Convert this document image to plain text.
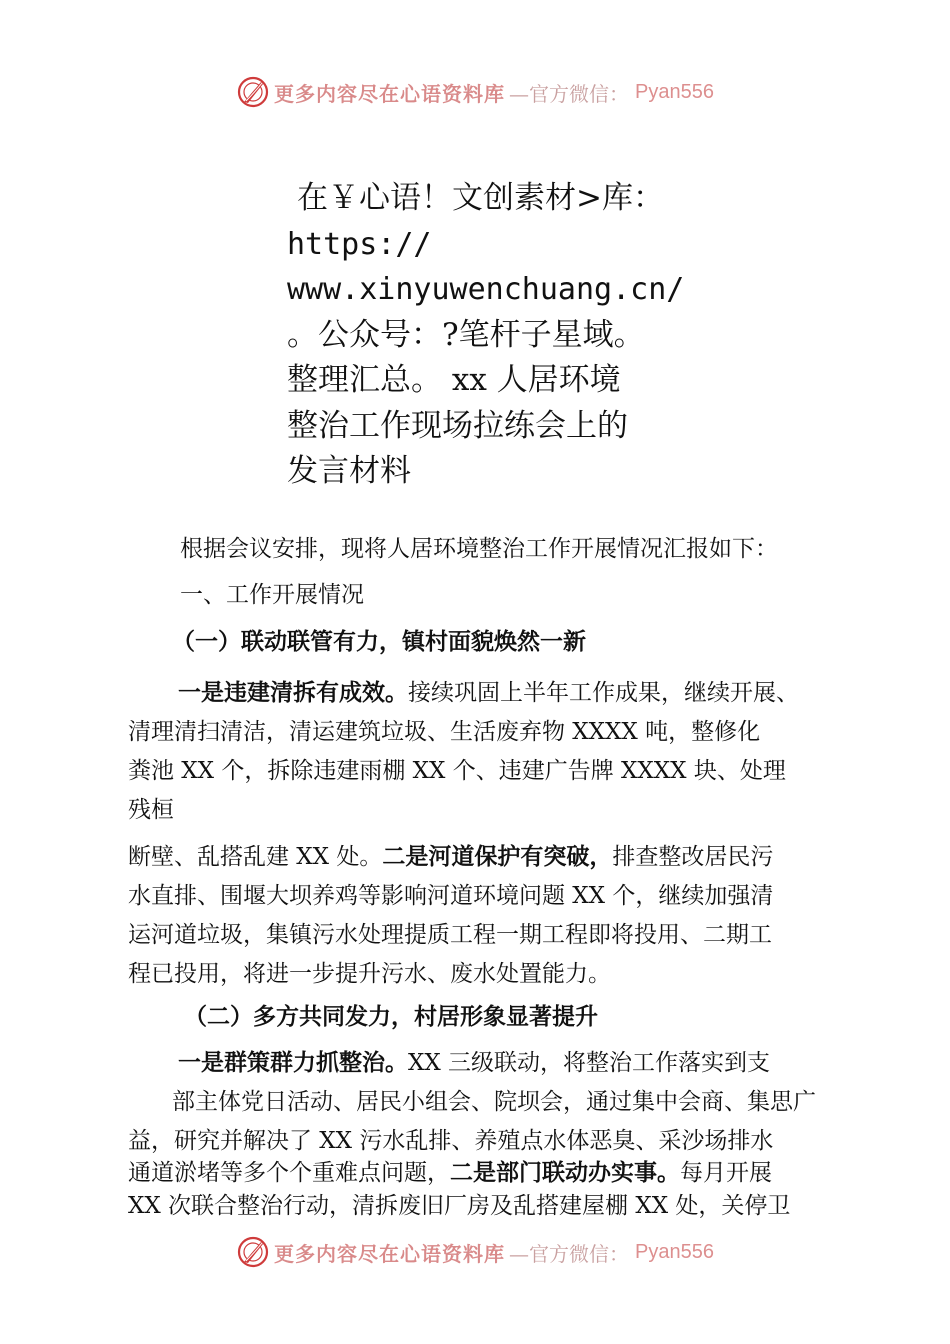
更多内容尽在心语资料库 —官方微信： Pyan556
在￥心语！文创素材>库：
https://
www.xinyuwenchuang.cn/
。公众号：?笔杆子星域。
整理汇总。 xx 人居环境
整治工作现场拉练会上的
发言材料
根据会议安排，现将人居环境整治工作开展情况汇报如下：
一、工作开展情况
（一）联动联管有力，镇村面貌焕然一新
一是违建清拆有成效。接续巩固上半年工作成果，继续开展、
清理清扫清洁，清运建筑垃圾、生活废弃物 XXXX 吨，整修化
粪池 XX 个，拆除违建雨棚 XX 个、违建广告牌 XXXX 块、处理
残桓
断壁、乱搭乱建 XX 处。二是河道保护有突破，排查整改居民污
水直排、围堰大坝养鸡等影响河道环境问题 XX 个，继续加强清
运河道垃圾，集镇污水处理提质工程一期工程即将投用、二期工
程已投用，将进一步提升污水、废水处置能力。
（二）多方共同发力，村居形象显著提升
一是群策群力抓整治。XX 三级联动，将整治工作落实到支
部主体党日活动、居民小组会、院坝会，通过集中会商、集思广
益，研究并解决了 XX 污水乱排、养殖点水体恶臭、采沙场排水
通道淤堵等多个个重难点问题，二是部门联动办实事。每月开展
XX 次联合整治行动，清拆废旧厂房及乱搭建屋棚 XX 处，关停卫
更多内容尽在心语资料库 —官方微信： Pyan556
